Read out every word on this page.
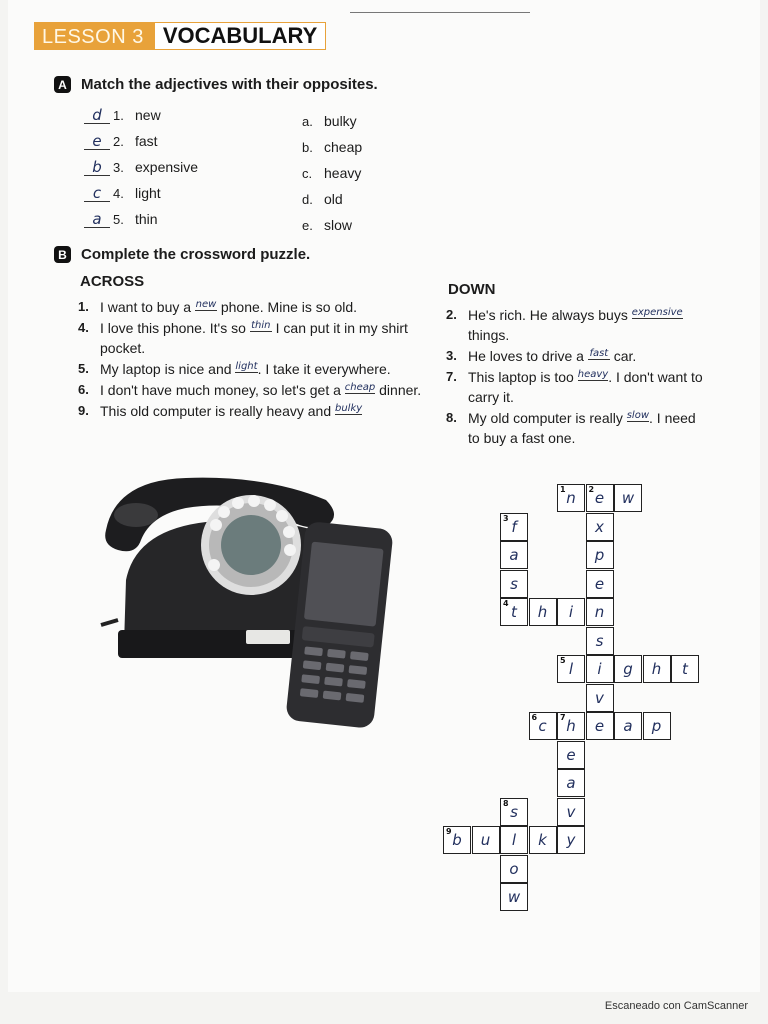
LESSON 3 VOCABULARY
A Match the adjectives with their opposites.
d 1. new
e 2. fast
b 3. expensive
c 4. light
a 5. thin
a. bulky
b. cheap
c. heavy
d. old
e. slow
B Complete the crossword puzzle.
ACROSS
1. I want to buy a new phone. Mine is so old.
4. I love this phone. It's so thin I can put it in my shirt pocket.
5. My laptop is nice and light. I take it everywhere.
6. I don't have much money, so let's get a cheap dinner.
9. This old computer is really heavy and bulky
DOWN
2. He's rich. He always buys expensive things.
3. He loves to drive a fast car.
7. This laptop is too heavy. I don't want to carry it.
8. My old computer is really slow. I need to buy a fast one.
1 n 2 e w
3 f	x
a	p
s	e
4 t h i n
s
5 l i g h t
v
6 c 7 h e a p
e
a
8 s	v
9 b u l k y
o
w
Escaneado con CamScanner
